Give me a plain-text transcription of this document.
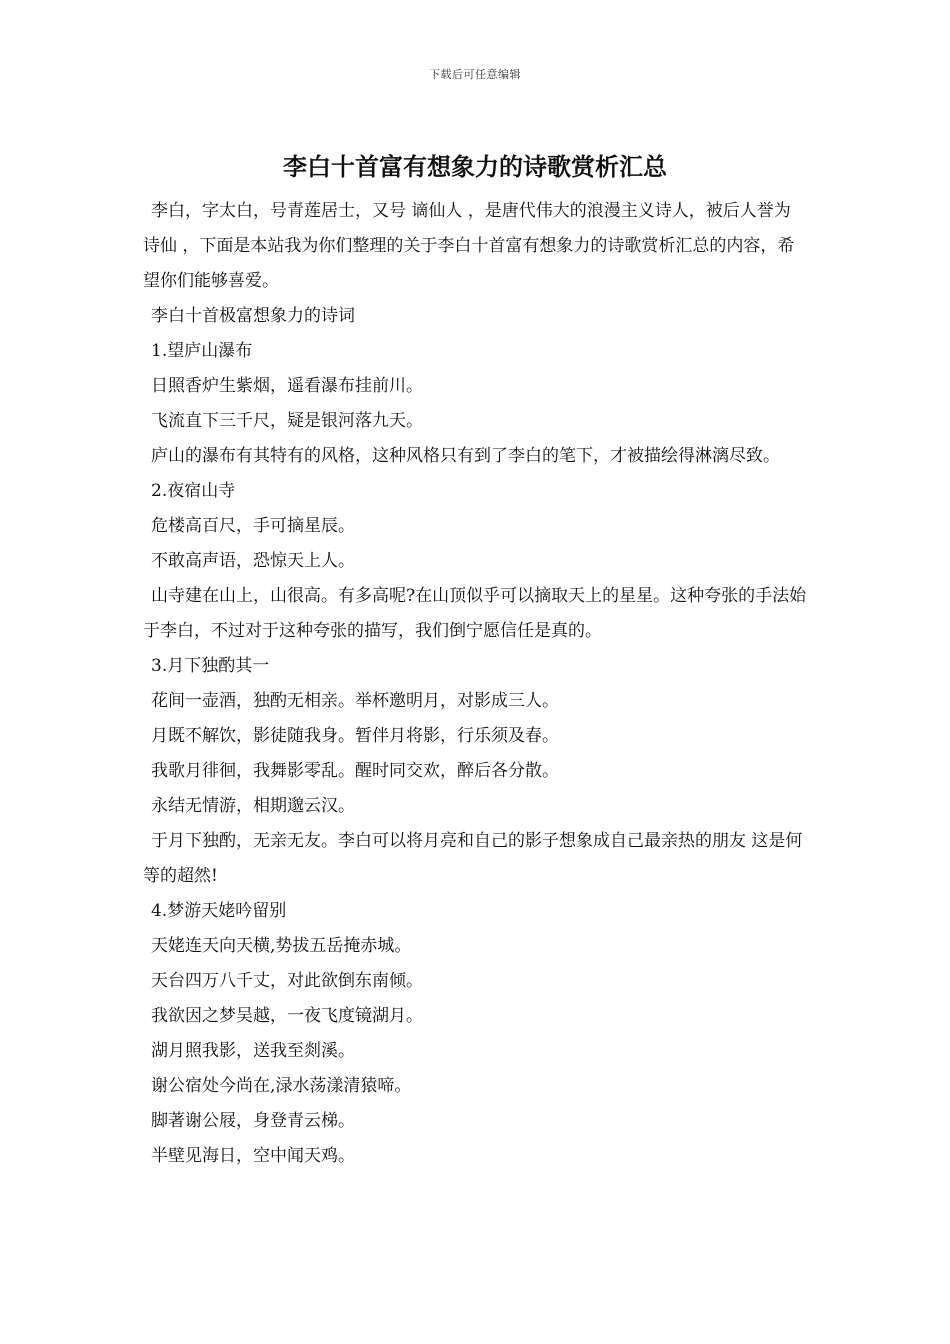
下载后可任意编辑
李白十首富有想象力的诗歌赏析汇总

李白，字太白，号青莲居士，又号 谪仙人 ，是唐代伟大的浪漫主义诗人，被后人誉为 诗仙 ，下面是本站我为你们整理的关于李白十首富有想象力的诗歌赏析汇总的内容，希望你们能够喜爱。

李白十首极富想象力的诗词

1.望庐山瀑布

日照香炉生紫烟，遥看瀑布挂前川。

飞流直下三千尺，疑是银河落九天。

庐山的瀑布有其特有的风格，这种风格只有到了李白的笔下，才被描绘得淋漓尽致。

2.夜宿山寺

危楼高百尺，手可摘星辰。

不敢高声语，恐惊天上人。

山寺建在山上，山很高。有多高呢?在山顶似乎可以摘取天上的星星。这种夸张的手法始于李白，不过对于这种夸张的描写，我们倒宁愿信任是真的。

3.月下独酌其一

花间一壶酒，独酌无相亲。举杯邀明月，对影成三人。

月既不解饮，影徒随我身。暂伴月将影，行乐须及春。

我歌月徘徊，我舞影零乱。醒时同交欢，醉后各分散。

永结无情游，相期邈云汉。

于月下独酌，无亲无友。李白可以将月亮和自己的影子想象成自己最亲热的朋友 这是何等的超然!

4.梦游天姥吟留别

天姥连天向天横,势拔五岳掩赤城。

天台四万八千丈，对此欲倒东南倾。

我欲因之梦吴越，一夜飞度镜湖月。

湖月照我影，送我至剡溪。

谢公宿处今尚在,渌水荡漾清猿啼。

脚著谢公屐，身登青云梯。

半壁见海日，空中闻天鸡。
